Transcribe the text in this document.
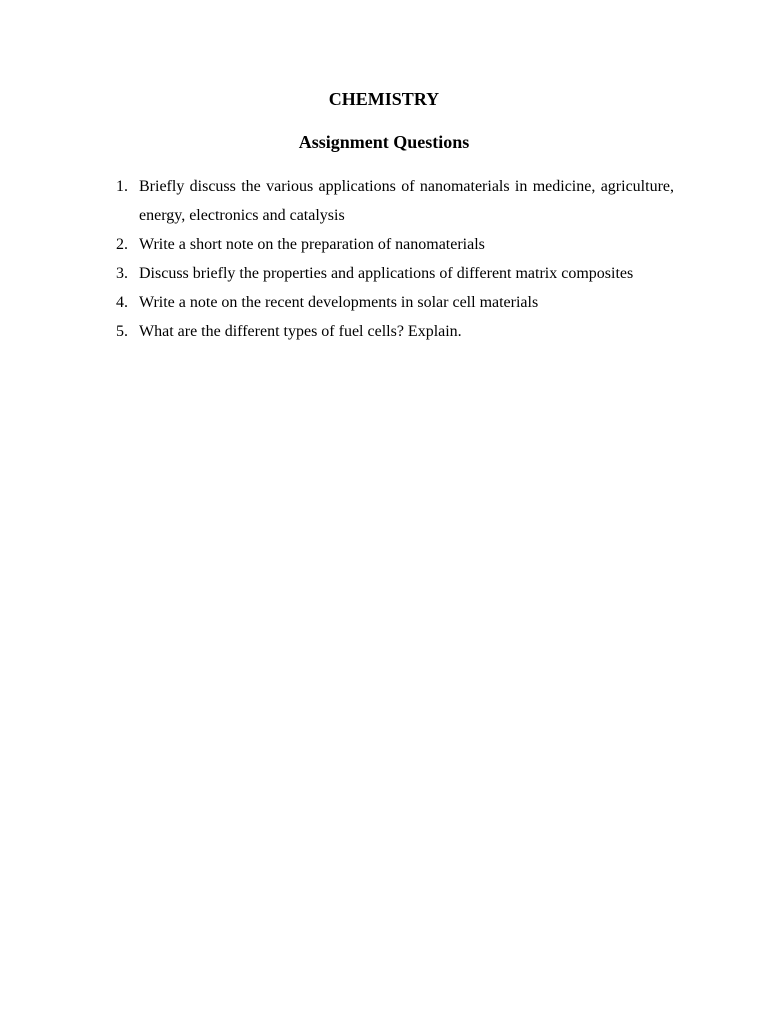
CHEMISTRY
Assignment Questions
1. Briefly discuss the various applications of nanomaterials in medicine, agriculture, energy, electronics and catalysis
2. Write a short note on the preparation of nanomaterials
3. Discuss briefly the properties and applications of different matrix composites
4. Write a note on the recent developments in solar cell materials
5. What are the different types of fuel cells? Explain.
